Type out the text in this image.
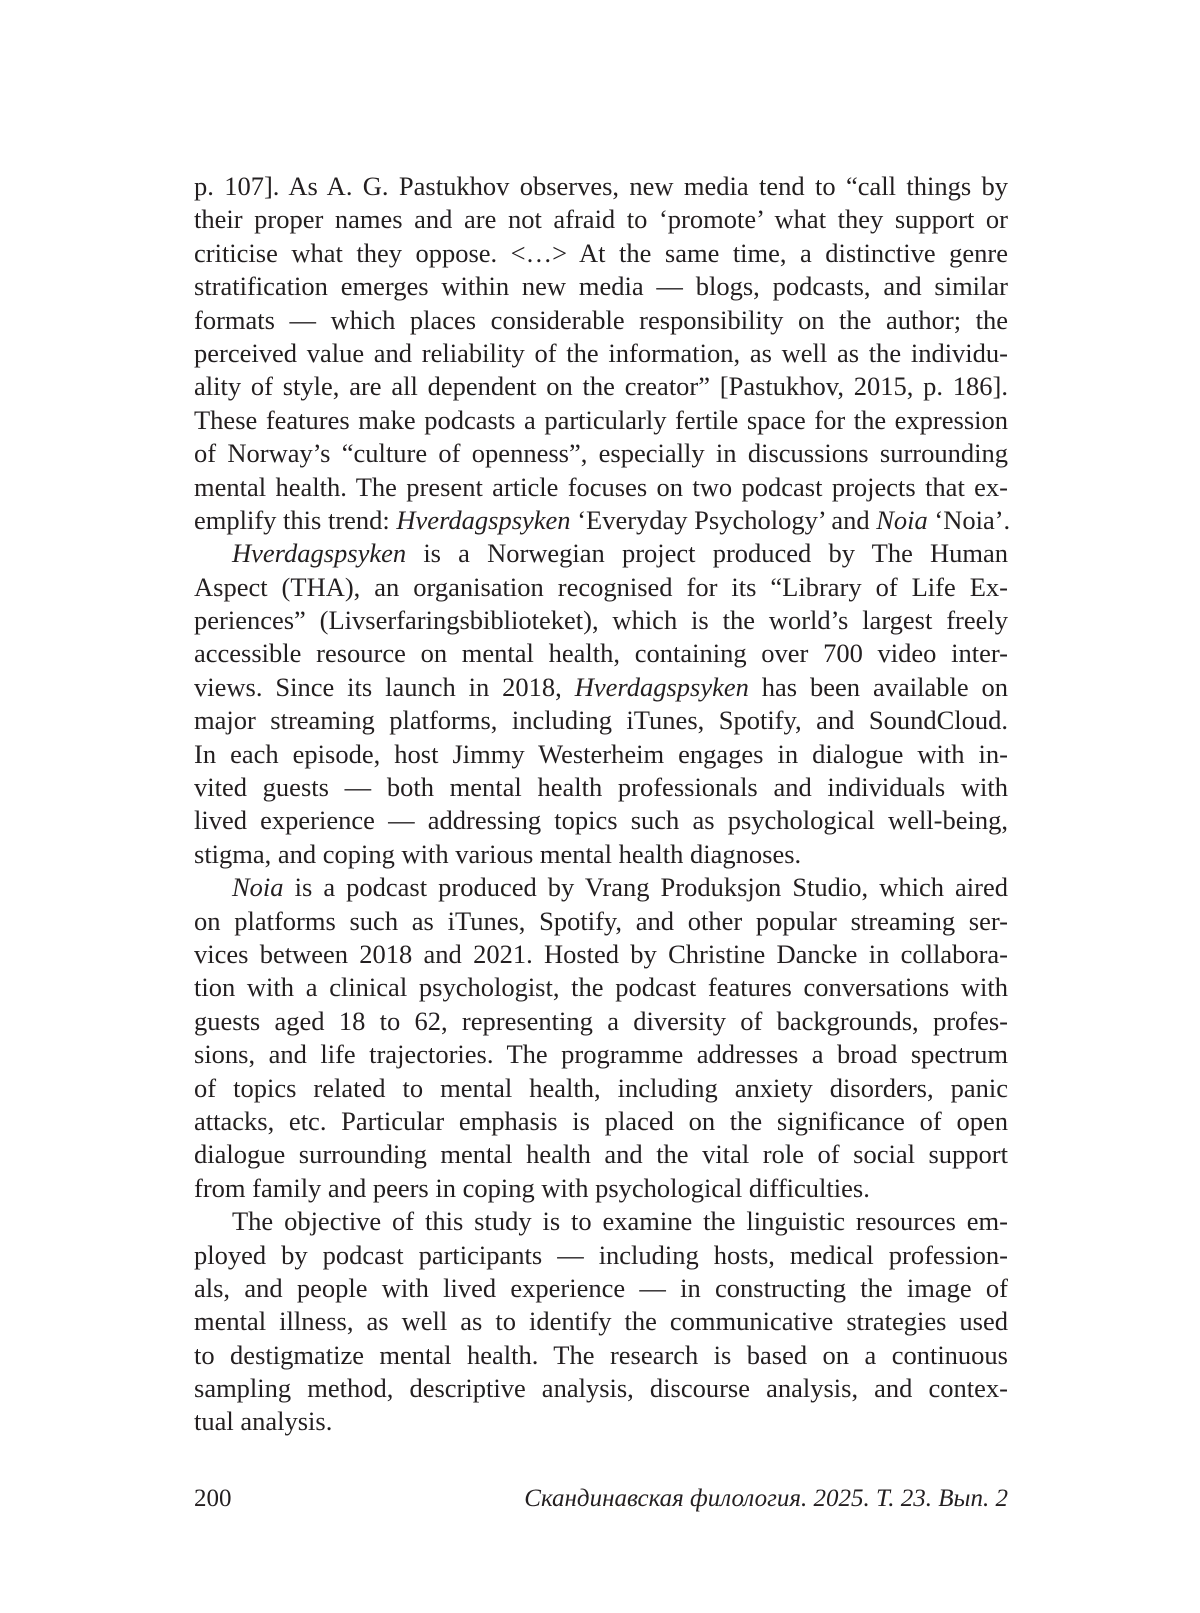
p. 107]. As A. G. Pastukhov observes, new media tend to “call things by
their proper names and are not afraid to ‘promote’ what they support or
criticise what they oppose. <…> At the same time, a distinctive genre
stratification emerges within new media — blogs, podcasts, and similar
formats — which places considerable responsibility on the author; the
perceived value and reliability of the information, as well as the individu-
ality of style, are all dependent on the creator” [Pastukhov, 2015, p. 186].
These features make podcasts a particularly fertile space for the expression
of Norway’s “culture of openness”, especially in discussions surrounding
mental health. The present article focuses on two podcast projects that ex-
emplify this trend: Hverdagspsyken ‘Everyday Psychology’ and Noia ‘Noia’.

Hverdagspsyken is a Norwegian project produced by The Human
Aspect (THA), an organisation recognised for its “Library of Life Ex-
periences” (Livserfaringsbiblioteket), which is the world’s largest freely
accessible resource on mental health, containing over 700 video inter-
views. Since its launch in 2018, Hverdagspsyken has been available on
major streaming platforms, including iTunes, Spotify, and SoundCloud.
In each episode, host Jimmy Westerheim engages in dialogue with in-
vited guests — both mental health professionals and individuals with
lived experience — addressing topics such as psychological well-being,
stigma, and coping with various mental health diagnoses.

Noia is a podcast produced by Vrang Produksjon Studio, which aired
on platforms such as iTunes, Spotify, and other popular streaming ser-
vices between 2018 and 2021. Hosted by Christine Dancke in collabora-
tion with a clinical psychologist, the podcast features conversations with
guests aged 18 to 62, representing a diversity of backgrounds, profes-
sions, and life trajectories. The programme addresses a broad spectrum
of topics related to mental health, including anxiety disorders, panic
attacks, etc. Particular emphasis is placed on the significance of open
dialogue surrounding mental health and the vital role of social support
from family and peers in coping with psychological difficulties.

The objective of this study is to examine the linguistic resources em-
ployed by podcast participants — including hosts, medical profession-
als, and people with lived experience — in constructing the image of
mental illness, as well as to identify the communicative strategies used
to destigmatize mental health. The research is based on a continuous
sampling method, descriptive analysis, discourse analysis, and contex-
tual analysis.

200	Скандинавская филология. 2025. Т. 23. Вып. 2
